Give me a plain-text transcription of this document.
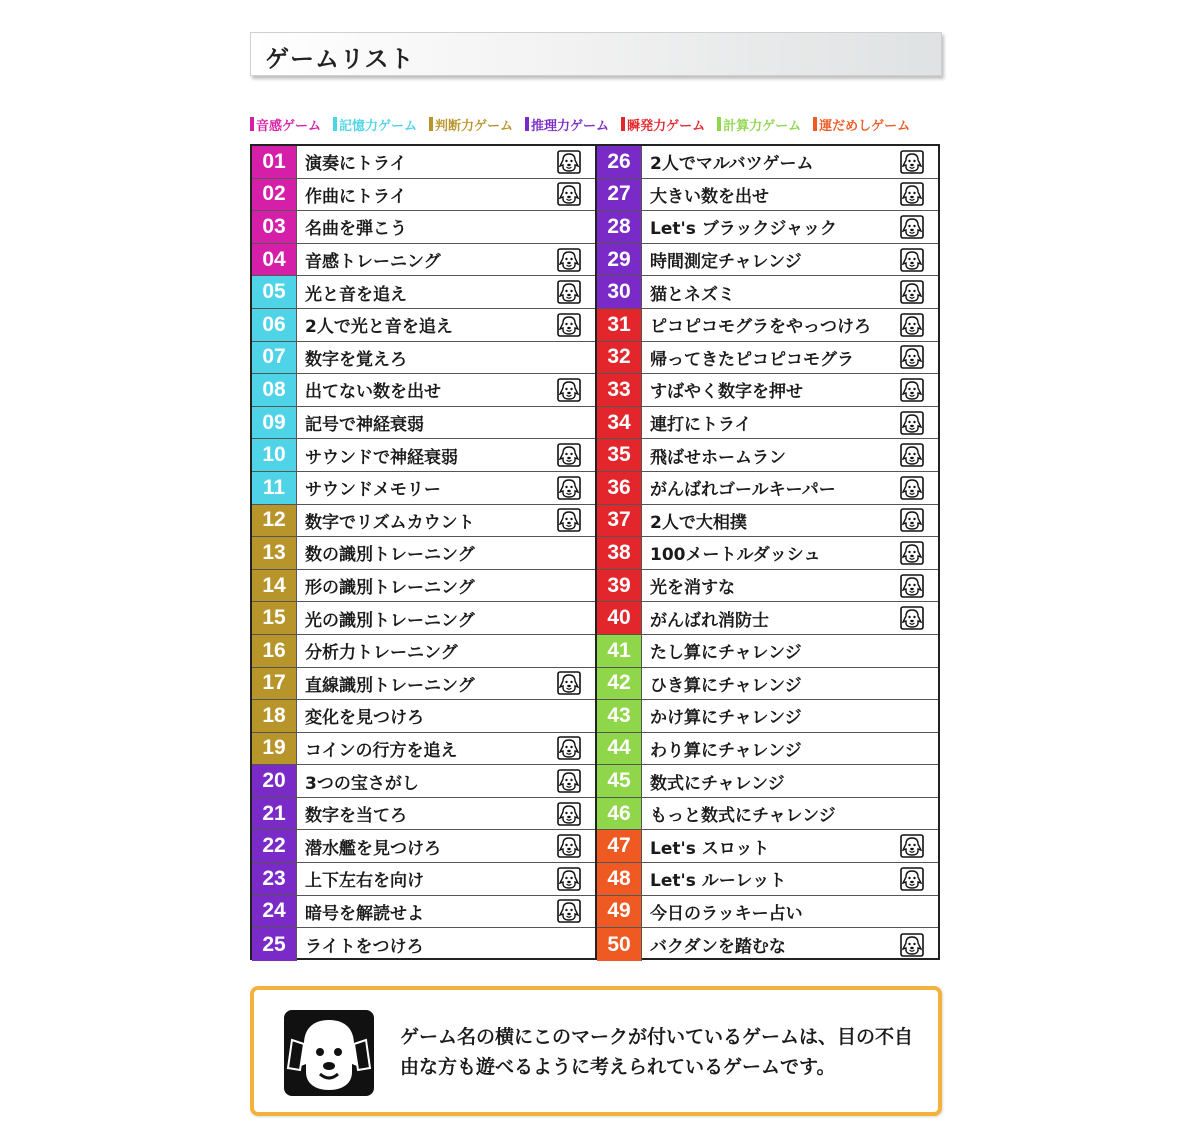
ゲームリスト
音感ゲーム 記憶力ゲーム 判断力ゲーム 推理力ゲーム 瞬発力ゲーム 計算力ゲーム 運だめしゲーム
01	演奏にトライ
02	作曲にトライ
03	名曲を弾こう
04	音感トレーニング
05	光と音を追え
06	2人で光と音を追え
07	数字を覚えろ
08	出てない数を出せ
09	記号で神経衰弱
10	サウンドで神経衰弱
11	サウンドメモリー
12	数字でリズムカウント
13	数の識別トレーニング
14	形の識別トレーニング
15	光の識別トレーニング
16	分析力トレーニング
17	直線識別トレーニング
18	変化を見つけろ
19	コインの行方を追え
20	3つの宝さがし
21	数字を当てろ
22	潜水艦を見つけろ
23	上下左右を向け
24	暗号を解読せよ
25	ライトをつけろ
26	2人でマルバツゲーム
27	大きい数を出せ
28	Let's ブラックジャック
29	時間測定チャレンジ
30	猫とネズミ
31	ピコピコモグラをやっつけろ
32	帰ってきたピコピコモグラ
33	すばやく数字を押せ
34	連打にトライ
35	飛ばせホームラン
36	がんばれゴールキーパー
37	2人で大相撲
38	100メートルダッシュ
39	光を消すな
40	がんばれ消防士
41	たし算にチャレンジ
42	ひき算にチャレンジ
43	かけ算にチャレンジ
44	わり算にチャレンジ
45	数式にチャレンジ
46	もっと数式にチャレンジ
47	Let's スロット
48	Let's ルーレット
49	今日のラッキー占い
50	バクダンを踏むな
ゲーム名の横にこのマークが付いているゲームは、目の不自由な方も遊べるように考えられているゲームです。
